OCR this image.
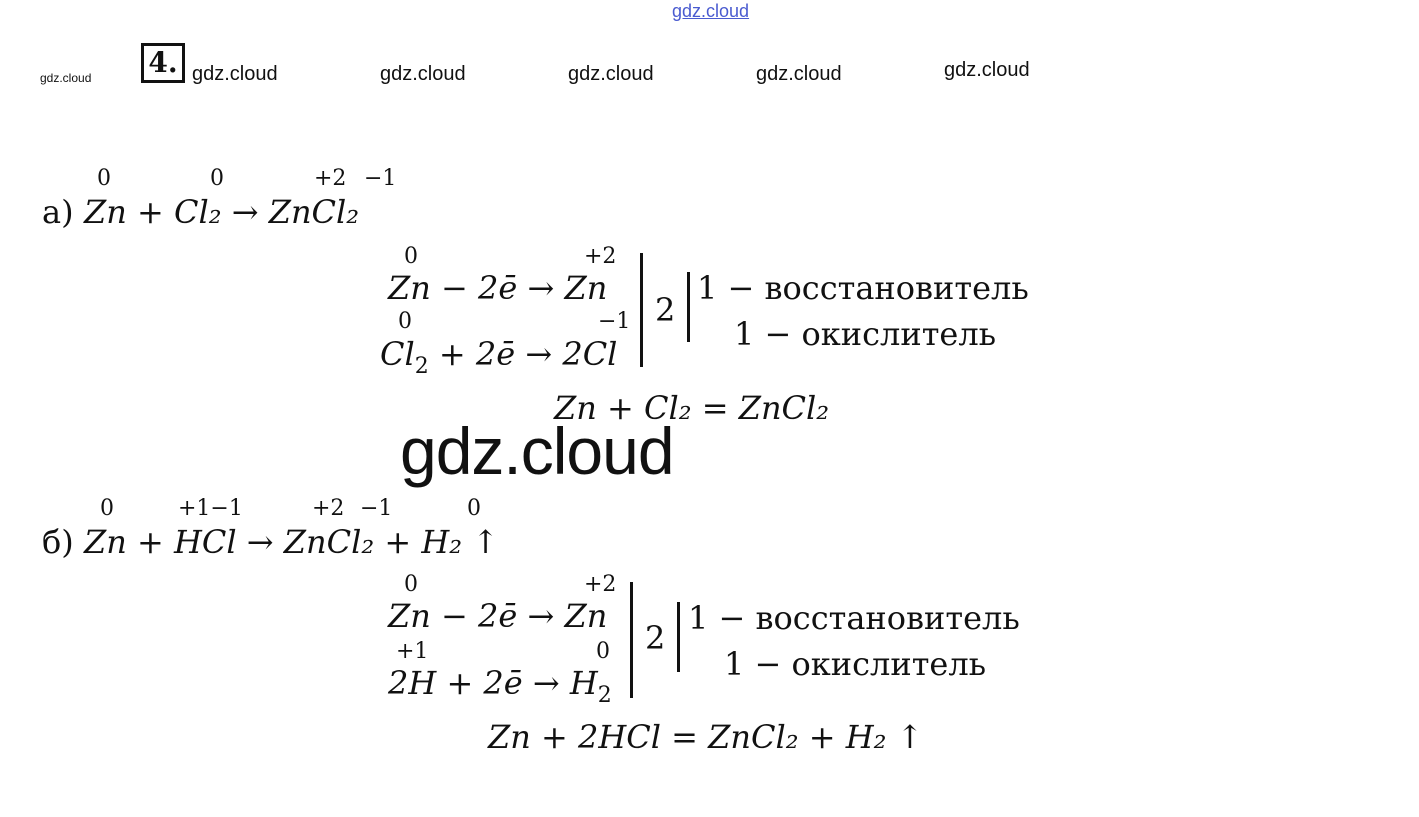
gdz.cloud
gdz.cloud 4. gdz.cloud	gdz.cloud	gdz.cloud	gdz.cloud	gdz.cloud
0	0	+2 −1
а) Zn + Cl₂ → ZnCl₂
0	+2
Zn − 2ē → Zn
0	−1
$Cl_2$ + 2ē → 2Cl
2
1 − восстановитель
1 − окислитель
Zn + Cl₂ = ZnCl₂
gdz.cloud
0	+1−1	+2 −1	0
б) Zn + HCl → ZnCl₂ + H₂ ↑
0	+2
Zn − 2ē → Zn
+1	0
2H + 2ē → $H_2$
2
1 − восстановитель
1 − окислитель
Zn + 2HCl = ZnCl₂ + H₂ ↑
